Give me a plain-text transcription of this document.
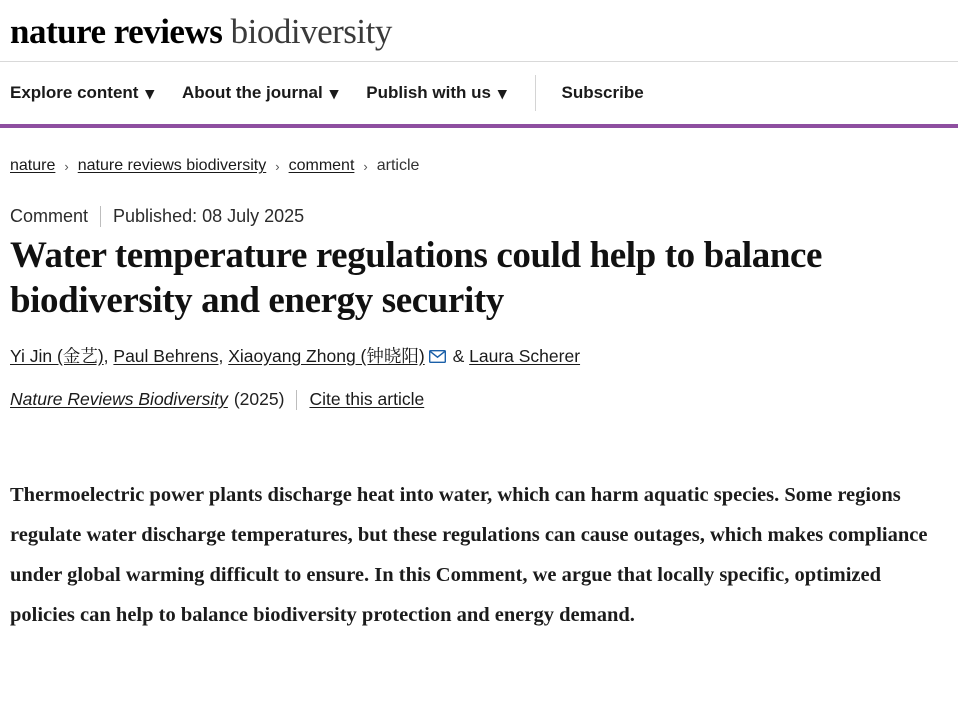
nature reviews biodiversity
Explore content ▾ About the journal ▾ Publish with us ▾	Subscribe
nature › nature reviews biodiversity › comment › article
Comment Published: 08 July 2025
Water temperature regulations could help to balance biodiversity and energy security
Yi Jin (金艺), Paul Behrens, Xiaoyang Zhong (钟晓阳) & Laura Scherer
Nature Reviews Biodiversity (2025) Cite this article

Thermoelectric power plants discharge heat into water, which can harm aquatic species. Some regions regulate water discharge temperatures, but these regulations can cause outages, which makes compliance under global warming difficult to ensure. In this Comment, we argue that locally specific, optimized policies can help to balance biodiversity protection and energy demand.
